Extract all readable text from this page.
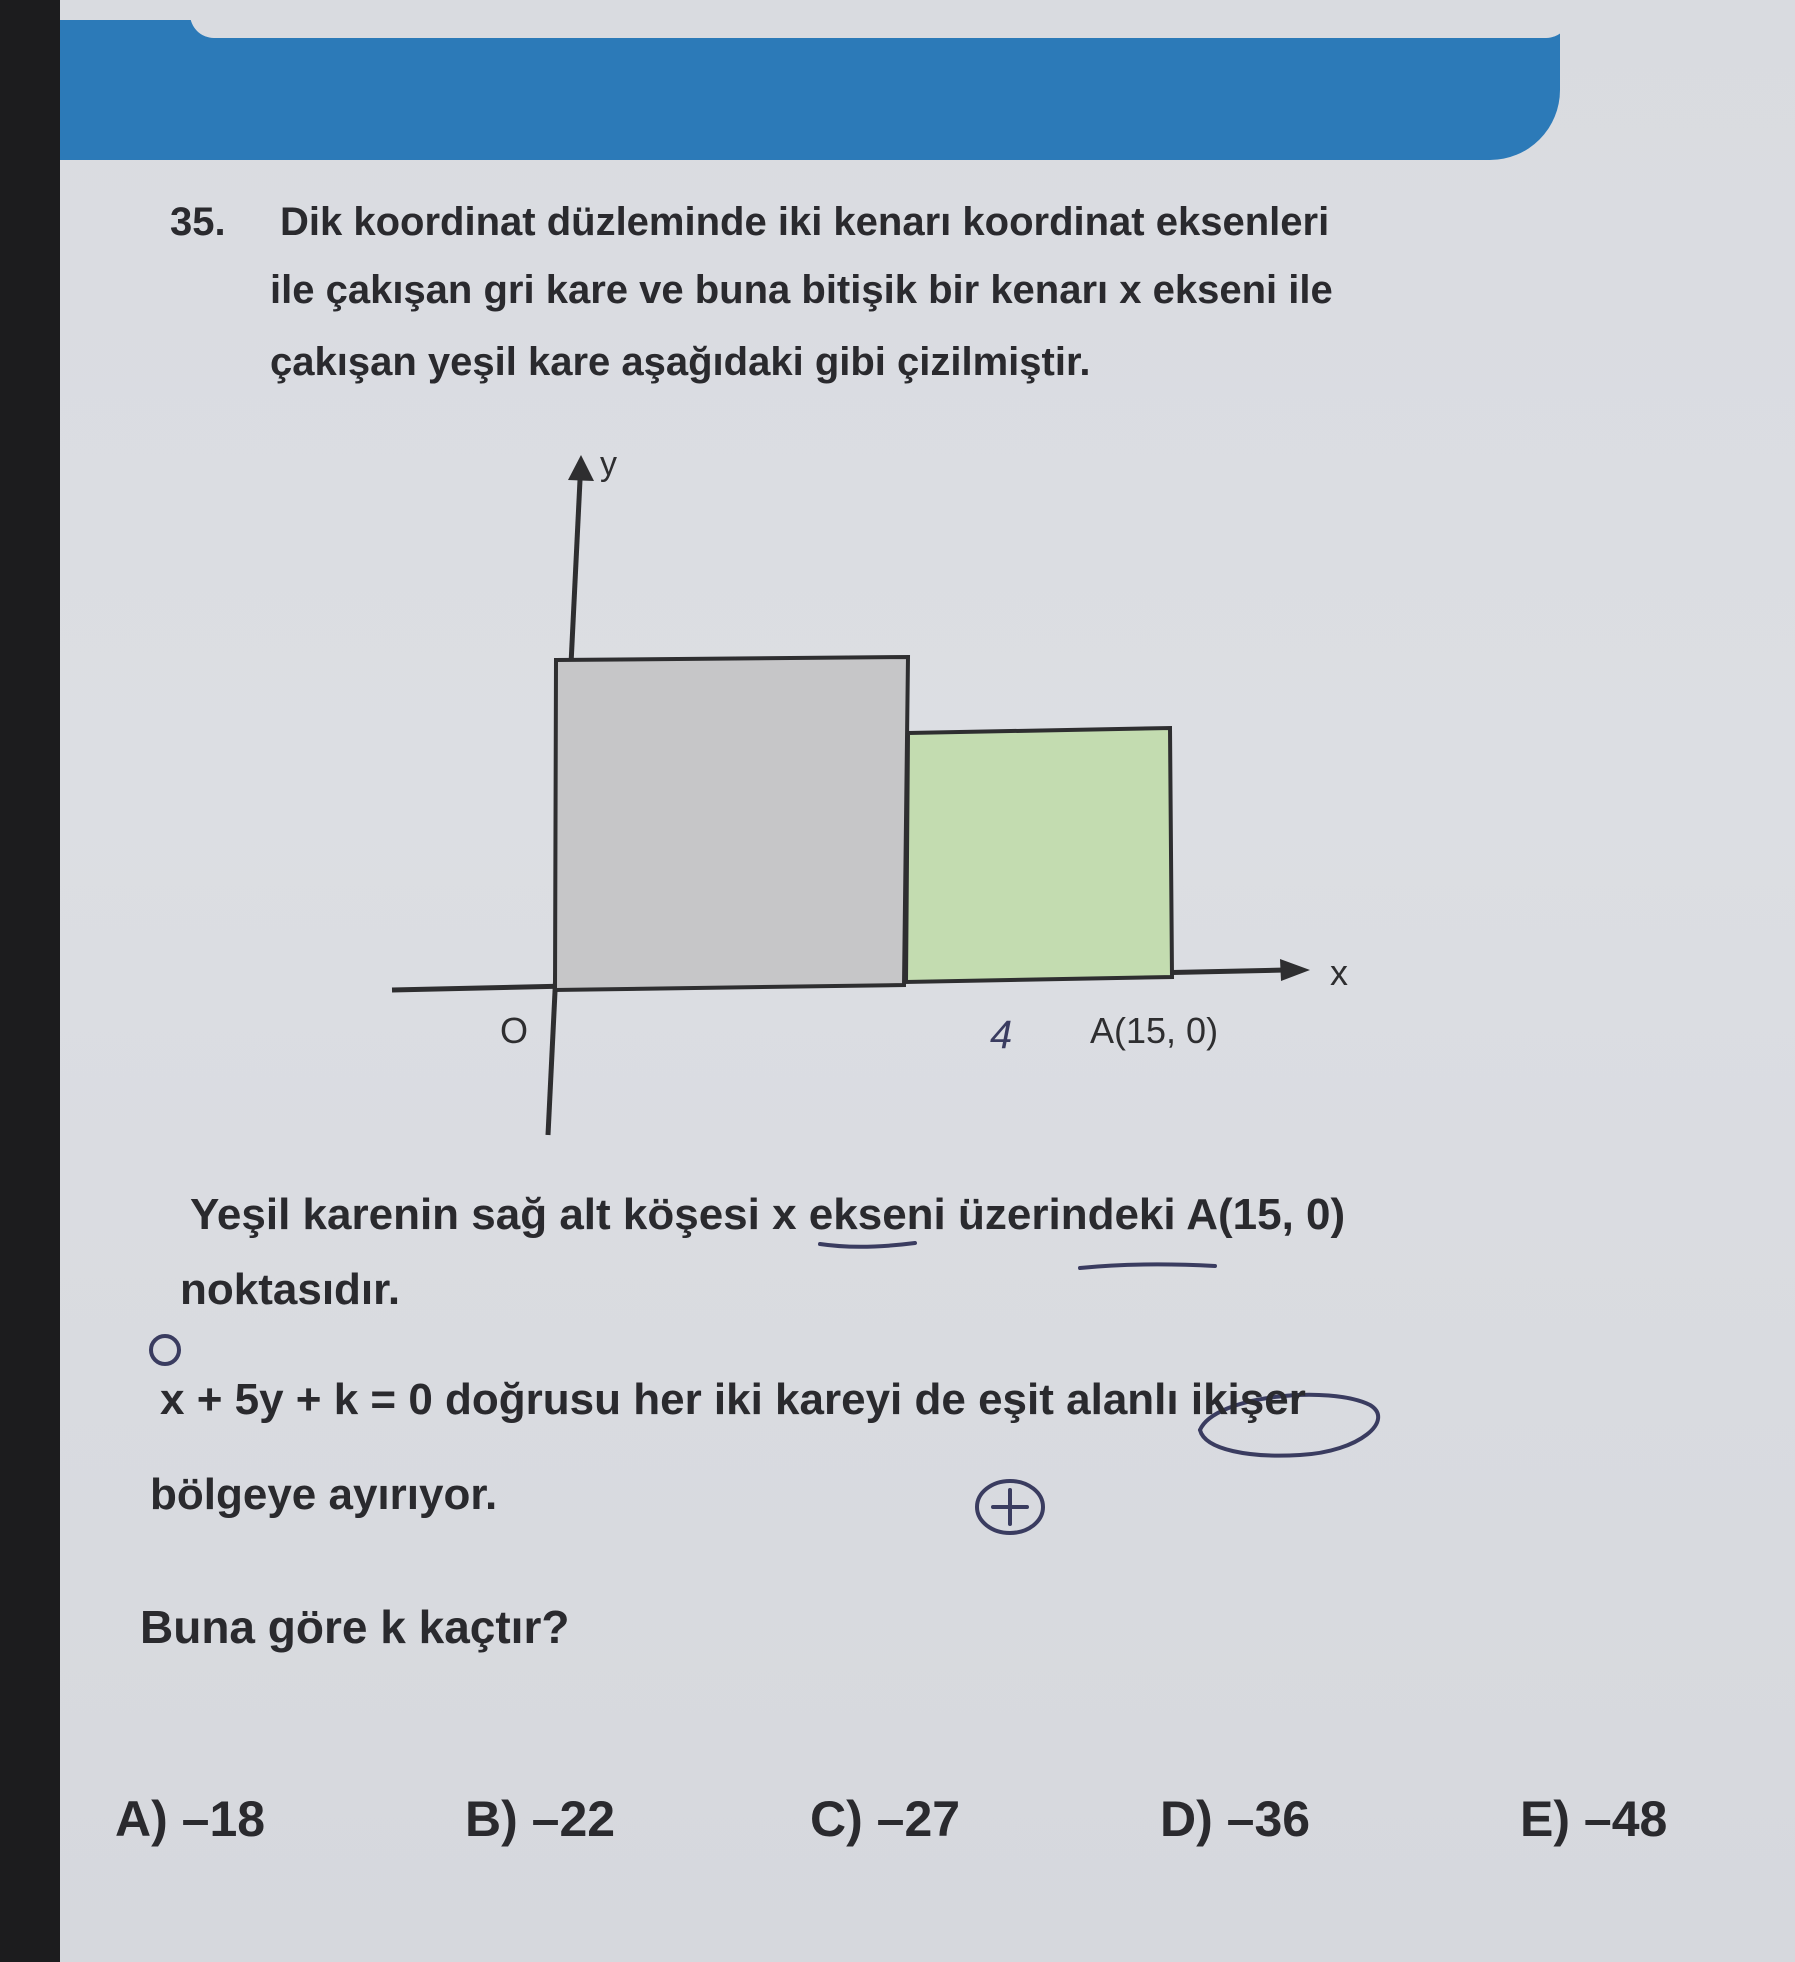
35. Dik koordinat düzleminde iki kenarı koordinat eksenleri
ile çakışan gri kare ve buna bitişik bir kenarı x ekseni ile
çakışan yeşil kare aşağıdaki gibi çizilmiştir.
y
x
O	A(15, 0)
4
Yeşil karenin sağ alt köşesi x ekseni üzerindeki A(15, 0)
noktasıdır.
x + 5y + k = 0 doğrusu her iki kareyi de eşit alanlı ikişer
bölgeye ayırıyor.
Buna göre k kaçtır?
A) –18	B) –22	C) –27	D) –36	E) –48
